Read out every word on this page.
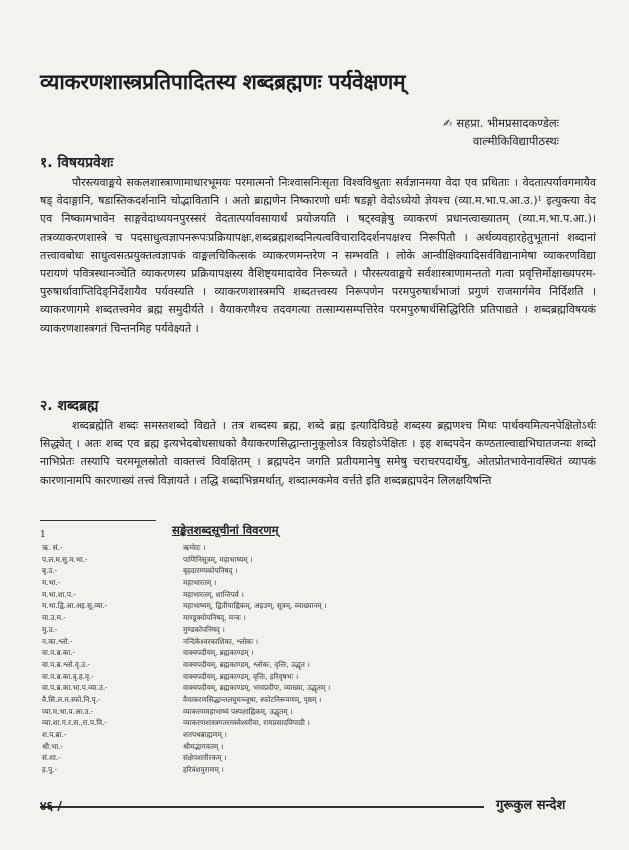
व्याकरणशास्त्रप्रतिपादितस्य शब्दब्रह्मणः पर्यवेक्षणम्
✍ सहप्रा. भीमप्रसादकण्डेलः
वाल्मीकिविद्यापीठस्थः
१. विषयप्रवेशः
पौरस्त्यवाङ्मये सकलशास्त्राणामाधारभूमयः परमात्मनो निःश्वासनिःसृता विश्वविश्रुताः सर्वज्ञानमया वेदा एव प्रथिताः । वेदतात्पर्यावगमायैव षड् वेदाङ्गानि, षडास्तिकदर्शनानि चोद्भावितानि । अतो ब्राह्मणेन निष्कारणो धर्मः षडङ्गो वेदोऽध्येयो ज्ञेयश्च (व्या.म.भा.प.आ.उ.)¹ इत्युक्त्या वेद एव निष्कामभावेन साङ्गवेदाध्ययनपुरस्सरं वेदतात्पर्यावसायार्थं प्रयोजयति । षट्स्वङ्गेषु व्याकरणं प्रधानत्वाख्यातम् (व्या.म.भा.प.आ.)।तत्रव्याकरणशास्त्रे च पदसाधुत्वज्ञापनरूपःप्रक्रियापक्षः,शब्दब्रह्मशब्दनित्यत्वविचारादिदर्शनपक्षश्च निरूपितौ । अर्थव्यवहारहेतुभूतानां शब्दानां तत्त्वावबोधः साधुत्वसत्प्रयुक्तत्वज्ञापकं वाङ्मलचिकित्सकं व्याकरणमन्तरेण न सम्भवति । लोके आन्वीक्षिक्यादिसर्वविद्यानामेषा व्याकरणविद्या परायणं पवित्रस्थानञ्चेति व्याकरणस्य प्रक्रियापक्षस्य वैशिष्ट्यमादावेव निरूच्यते । पौरस्त्यवाङ्मये सर्वशास्त्राणामन्ततो गत्वा प्रवृत्तिर्मोक्षाख्यपरम- पुरुषार्थावाप्तिदिङ्निर्देशायैव पर्यवस्यति । व्याकरणशास्त्रमपि शब्दतत्त्वस्य निरूपणेन परमपुरुषार्थभाजां प्रगुणं राजमार्गमेव निर्दिशति । व्याकरणागमे शब्दतत्त्वमेव ब्रह्म समुदीर्यते । वैयाकरणैश्च तदवगत्या तत्साम्यसम्पत्तिरेव परमपुरुषार्थसिद्धिरिति प्रतिपाद्यते । शब्दब्रह्मविषयकं व्याकरणशास्त्रगतं चिन्तनमिह पर्यवेक्ष्यते ।
२. शब्दब्रह्म
शब्दब्रह्मेति शब्दः समस्तशब्दो विद्यते । तत्र शब्दस्य ब्रह्म, शब्दे ब्रह्म इत्यादिविग्रहे शब्दस्य ब्रह्मणश्च मिथः पार्थक्यमित्यनपेक्षितोऽर्थः सिद्ध्येत् । अतः शब्द एव ब्रह्म इत्यभेदबोधसाधको वैयाकरणसिद्धान्तानुकूलोऽत्र विग्रहोऽपेक्षितः । इह शब्दपदेन कण्ठताल्वाद्यभिघातजन्यः शब्दो नाभिप्रेतः तस्यापि चरममूलस्रोतो वाक्तत्त्वं विवक्षितम् । ब्रह्मपदेन जगति प्रतीयमानेषु समेषु चराचरपदार्थेषु, ओतप्रोतभावेनावस्थितं व्यापकं कारणानामपि कारणाख्यं तत्त्वं विज्ञायते । तद्धि शब्दाभिन्नमर्थात्, शब्दात्मकमेव वर्त्तते इति शब्दब्रह्मपदेन लिलक्षयिषन्ति
1	सङ्केतशब्दसूचीनां विवरणम्
ऋ. सं.-	ऋग्वेदः ।
प.ल.म.सु.म.भा.-	पाणिनिसूत्रम्, महाभाष्यम् ।
बृ.उ.-	बृहदारण्यकोपनिषद् ।
म.भा.-	महाभारतम् ।
म.भा.शा.प.-	महाभारतम्, शान्तिपर्व ।
म.भा.द्वि.आ.अइ.सू.व्या.-	महाभाष्यम्, द्वितीयाह्निकम्, अइउण्, सूत्रम्, व्याख्यानम् ।
मा.उ.म.-	माण्डूक्योपनिषद्, मन्त्रः ।
मु.उ.-	मुण्डकोपनिषद् ।
न.का.श्लो.-	नन्दिकेश्वरकाशिका, श्लोकः ।
वा.प.ब्र.का.-	वाक्यपदीयम्, ब्रह्मकाण्डम् ।
वा.प.ब्र.श्लो.वृ.उ.-	वाक्यपदीयम्, ब्रह्मकाण्डम्, श्लोकः, वृत्तिः, उद्धृत ।
वा.प.ब्र.का.वृ.ह.वृ.-	वाक्यपदीयम्, ब्रह्मकाण्डम्, वृत्तिः, हरिवृषभः ।
वा.प.ब्र.का.भा.प.व्या.उ.-	वाक्यपदीयम्, ब्रह्मकाण्डम्, भावप्रदीपः, व्याख्या, उद्धृतम् ।
वै.सि.ल.म.स्फो.नि.पृ.-	वैयाकरणसिद्धान्तलघुमञ्जूषा, स्फोटनिरूपणम्, पृष्ठम् ।
व्या.म.भा.प.आ.उ.-	व्याकरणमहाभाष्यं पस्पशाह्निकम्, उद्धृतम् ।
व्या.शा.ग.र.स.,रा.प.वि.-	व्याकरणशास्त्रगतरमस्वेश्वरीया, रामप्रसादविपाठी ।
श.प.ब्रा.-	शतपथब्राह्मणम् ।
श्री.भा.-	श्रीमद्भागवतम् ।
सं.शा.-	संक्षेपशारीरकम् ।
ह.पु.-	हरिवंशपुराणम् ।
४६ /	गुरूकुल सन्देश
